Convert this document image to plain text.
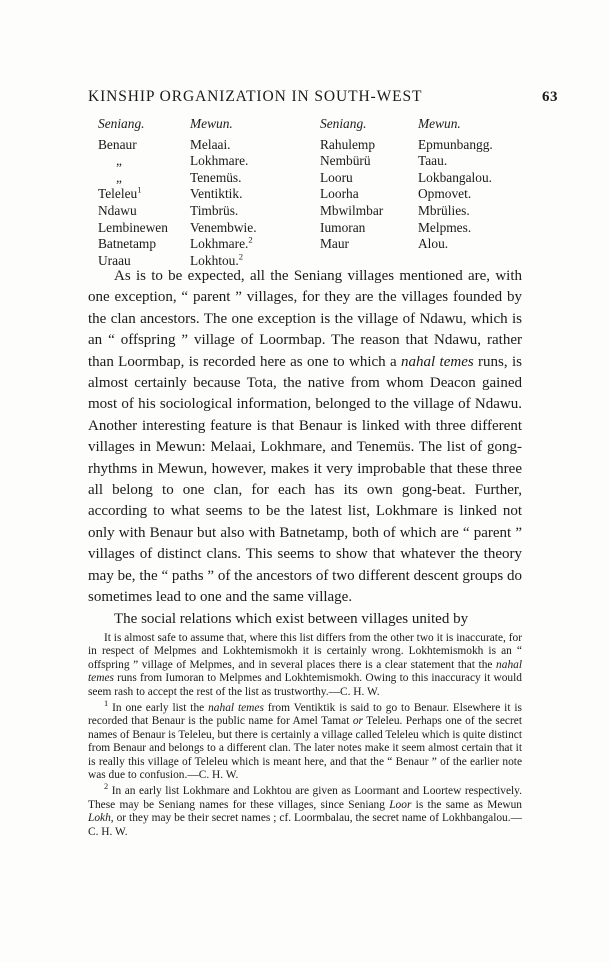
KINSHIP ORGANIZATION IN SOUTH-WEST	63
Seniang.	Mewun.	Seniang.	Mewun.
Benaur	Melaai.	Rahulemp	Epmunbangg.
„	Lokhmare.	Nembürü	Taau.
„	Tenemüs.	Looru	Lokbangalou.
Teleleu$^1$	Ventiktik.	Loorha	Opmovet.
Ndawu	Timbrüs.	Mbwilmbar	Mbrülies.
Lembinewen	Venembwie.	Iumoran	Melpmes.
Batnetamp	Lokhmare.$^2$	Maur	Alou.
Uraau	Lokhtou.$^2$		

As is to be expected, all the Seniang villages mentioned are, with one exception, “ parent ” villages, for they are the villages founded by the clan ancestors. The one exception is the village of Ndawu, which is an “ offspring ” village of Loormbap. The reason that Ndawu, rather than Loormbap, is recorded here as one to which a nahal temes runs, is almost certainly because Tota, the native from whom Deacon gained most of his sociological information, belonged to the village of Ndawu. Another interesting feature is that Benaur is linked with three different villages in Mewun: Melaai, Lokhmare, and Tenemüs. The list of gong-rhythms in Mewun, however, makes it very improbable that these three all belong to one clan, for each has its own gong-beat. Further, according to what seems to be the latest list, Lokhmare is linked not only with Benaur but also with Batnetamp, both of which are “ parent ” villages of distinct clans. This seems to show that whatever the theory may be, the “ paths ” of the ancestors of two different descent groups do sometimes lead to one and the same village.

The social relations which exist between villages united by

It is almost safe to assume that, where this list differs from the other two it is inaccurate, for in respect of Melpmes and Lokhtemismokh it is certainly wrong. Lokhtemismokh is an “ offspring ” village of Melpmes, and in several places there is a clear statement that the nahal temes runs from Iumoran to Melpmes and Lokhtemismokh. Owing to this inaccuracy it would seem rash to accept the rest of the list as trustworthy.—C. H. W.

$^1$ In one early list the nahal temes from Ventiktik is said to go to Benaur. Elsewhere it is recorded that Benaur is the public name for Amel Tamat or Teleleu. Perhaps one of the secret names of Benaur is Teleleu, but there is certainly a village called Teleleu which is quite distinct from Benaur and belongs to a different clan. The later notes make it seem almost certain that it is really this village of Teleleu which is meant here, and that the “ Benaur ” of the earlier note was due to confusion.—C. H. W.

$^2$ In an early list Lokhmare and Lokhtou are given as Loormant and Loortew respectively. These may be Seniang names for these villages, since Seniang Loor is the same as Mewun Lokh, or they may be their secret names ; cf. Loormbalau, the secret name of Lokhbangalou.—C. H. W.
